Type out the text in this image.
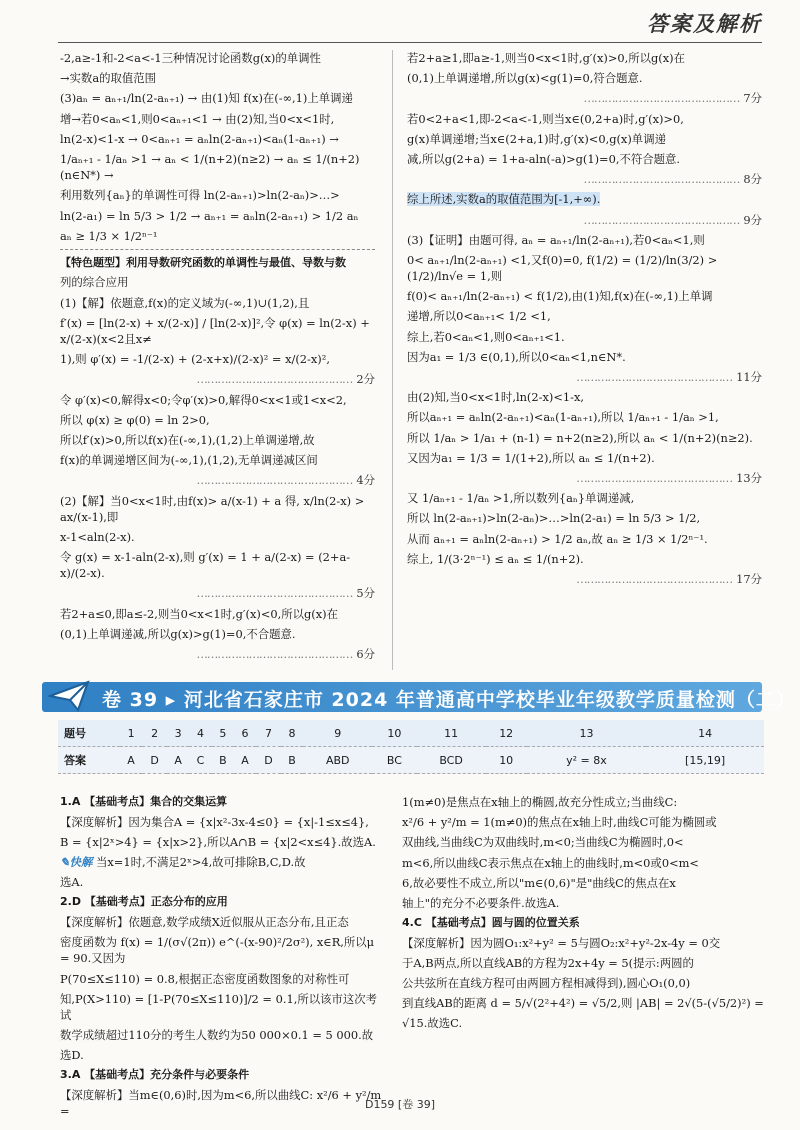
答案及解析

-2,a≥-1和-2<a<-1三种情况讨论函数g(x)的单调性

→实数a的取值范围

(3)aₙ = aₙ₊₁/ln(2-aₙ₊₁) → 由(1)知 f(x)在(-∞,1)上单调递

增→若0<aₙ<1,则0<aₙ₊₁<1 → 由(2)知,当0<x<1时,

ln(2-x)<1-x → 0<aₙ₊₁ = aₙln(2-aₙ₊₁)<aₙ(1-aₙ₊₁) →

1/aₙ₊₁ - 1/aₙ >1 → aₙ < 1/(n+2)(n≥2) → aₙ ≤ 1/(n+2)(n∈N*) →

利用数列{aₙ}的单调性可得 ln(2-aₙ₊₁)>ln(2-aₙ)>…>

ln(2-a₁) = ln 5/3 > 1/2 → aₙ₊₁ = aₙln(2-aₙ₊₁) > 1/2 aₙ

aₙ ≥ 1/3 × 1/2ⁿ⁻¹

【特色题型】利用导数研究函数的单调性与最值、导数与数

列的综合应用

(1)【解】依题意,f(x)的定义域为(-∞,1)∪(1,2),且

f′(x) = [ln(2-x) + x/(2-x)] / [ln(2-x)]²,令 φ(x) = ln(2-x) + x/(2-x)(x<2且x≠

1),则 φ′(x) = -1/(2-x) + (2-x+x)/(2-x)² = x/(2-x)²,

……………………………………… 2分

令 φ′(x)<0,解得x<0;令φ′(x)>0,解得0<x<1或1<x<2,

所以 φ(x) ≥ φ(0) = ln 2>0,

所以f′(x)>0,所以f(x)在(-∞,1),(1,2)上单调递增,故

f(x)的单调递增区间为(-∞,1),(1,2),无单调递减区间

……………………………………… 4分

(2)【解】当0<x<1时,由f(x)> a/(x-1) + a 得, x/ln(2-x) > ax/(x-1),即

x-1<aln(2-x).

令 g(x) = x-1-aln(2-x),则 g′(x) = 1 + a/(2-x) = (2+a-x)/(2-x).

……………………………………… 5分

若2+a≤0,即a≤-2,则当0<x<1时,g′(x)<0,所以g(x)在

(0,1)上单调递减,所以g(x)>g(1)=0,不合题意.

……………………………………… 6分

若2+a≥1,即a≥-1,则当0<x<1时,g′(x)>0,所以g(x)在

(0,1)上单调递增,所以g(x)<g(1)=0,符合题意.

……………………………………… 7分

若0<2+a<1,即-2<a<-1,则当x∈(0,2+a)时,g′(x)>0,

g(x)单调递增;当x∈(2+a,1)时,g′(x)<0,g(x)单调递

减,所以g(2+a) = 1+a-aln(-a)>g(1)=0,不符合题意.

……………………………………… 8分

综上所述,实数a的取值范围为[-1,+∞).

……………………………………… 9分

(3)【证明】由题可得, aₙ = aₙ₊₁/ln(2-aₙ₊₁),若0<aₙ<1,则

0< aₙ₊₁/ln(2-aₙ₊₁) <1,又f(0)=0, f(1/2) = (1/2)/ln(3/2) > (1/2)/ln√e = 1,则

f(0)< aₙ₊₁/ln(2-aₙ₊₁) < f(1/2),由(1)知,f(x)在(-∞,1)上单调

递增,所以0<aₙ₊₁< 1/2 <1,

综上,若0<aₙ<1,则0<aₙ₊₁<1.

因为a₁ = 1/3 ∈(0,1),所以0<aₙ<1,n∈N*.

……………………………………… 11分

由(2)知,当0<x<1时,ln(2-x)<1-x,

所以aₙ₊₁ = aₙln(2-aₙ₊₁)<aₙ(1-aₙ₊₁),所以 1/aₙ₊₁ - 1/aₙ >1,

所以 1/aₙ > 1/a₁ + (n-1) = n+2(n≥2),所以 aₙ < 1/(n+2)(n≥2).

又因为a₁ = 1/3 = 1/(1+2),所以 aₙ ≤ 1/(n+2).

……………………………………… 13分

又 1/aₙ₊₁ - 1/aₙ >1,所以数列{aₙ}单调递减,

所以 ln(2-aₙ₊₁)>ln(2-aₙ)>…>ln(2-a₁) = ln 5/3 > 1/2,

从而 aₙ₊₁ = aₙln(2-aₙ₊₁) > 1/2 aₙ,故 aₙ ≥ 1/3 × 1/2ⁿ⁻¹.

综上, 1/(3·2ⁿ⁻¹) ≤ aₙ ≤ 1/(n+2).

……………………………………… 17分

卷 39 ▸ 河北省石家庄市 2024 年普通高中学校毕业年级教学质量检测（二）
题号	1	2	3	4	5	6	7	8	9	10	11	12	13	14
答案	A	D	A	C	B	A	D	B	ABD	BC	BCD	10	y² = 8x	[15,19]

1.A 【基础考点】集合的交集运算

【深度解析】因为集合A = {x|x²-3x-4≤0} = {x|-1≤x≤4},

B = {x|2ˣ>4} = {x|x>2},所以A∩B = {x|2<x≤4}.故选A.

✎快解 当x=1时,不满足2ˣ>4,故可排除B,C,D.故

选A.

2.D 【基础考点】正态分布的应用

【深度解析】依题意,数学成绩X近似服从正态分布,且正态

密度函数为 f(x) = 1/(σ√(2π)) e^(-(x-90)²/2σ²), x∈R,所以μ = 90.又因为

P(70≤X≤110) = 0.8,根据正态密度函数图象的对称性可

知,P(X>110) = [1-P(70≤X≤110)]/2 = 0.1,所以该市这次考试

数学成绩超过110分的考生人数约为50 000×0.1 = 5 000.故

选D.

3.A 【基础考点】充分条件与必要条件

【深度解析】当m∈(0,6)时,因为m<6,所以曲线C: x²/6 + y²/m =

1(m≠0)是焦点在x轴上的椭圆,故充分性成立;当曲线C:

x²/6 + y²/m = 1(m≠0)的焦点在x轴上时,曲线C可能为椭圆或

双曲线,当曲线C为双曲线时,m<0;当曲线C为椭圆时,0<

m<6,所以曲线C表示焦点在x轴上的曲线时,m<0或0<m<

6,故必要性不成立,所以"m∈(0,6)"是"曲线C的焦点在x

轴上"的充分不必要条件.故选A.

4.C 【基础考点】圆与圆的位置关系

【深度解析】因为圆O₁:x²+y² = 5与圆O₂:x²+y²-2x-4y = 0交

于A,B两点,所以直线AB的方程为2x+4y = 5(提示:两圆的

公共弦所在直线方程可由两圆方程相减得到),圆心O₁(0,0)

到直线AB的距离 d = 5/√(2²+4²) = √5/2,则 |AB| = 2√(5-(√5/2)²) =

√15.故选C.

D159 [卷 39]
